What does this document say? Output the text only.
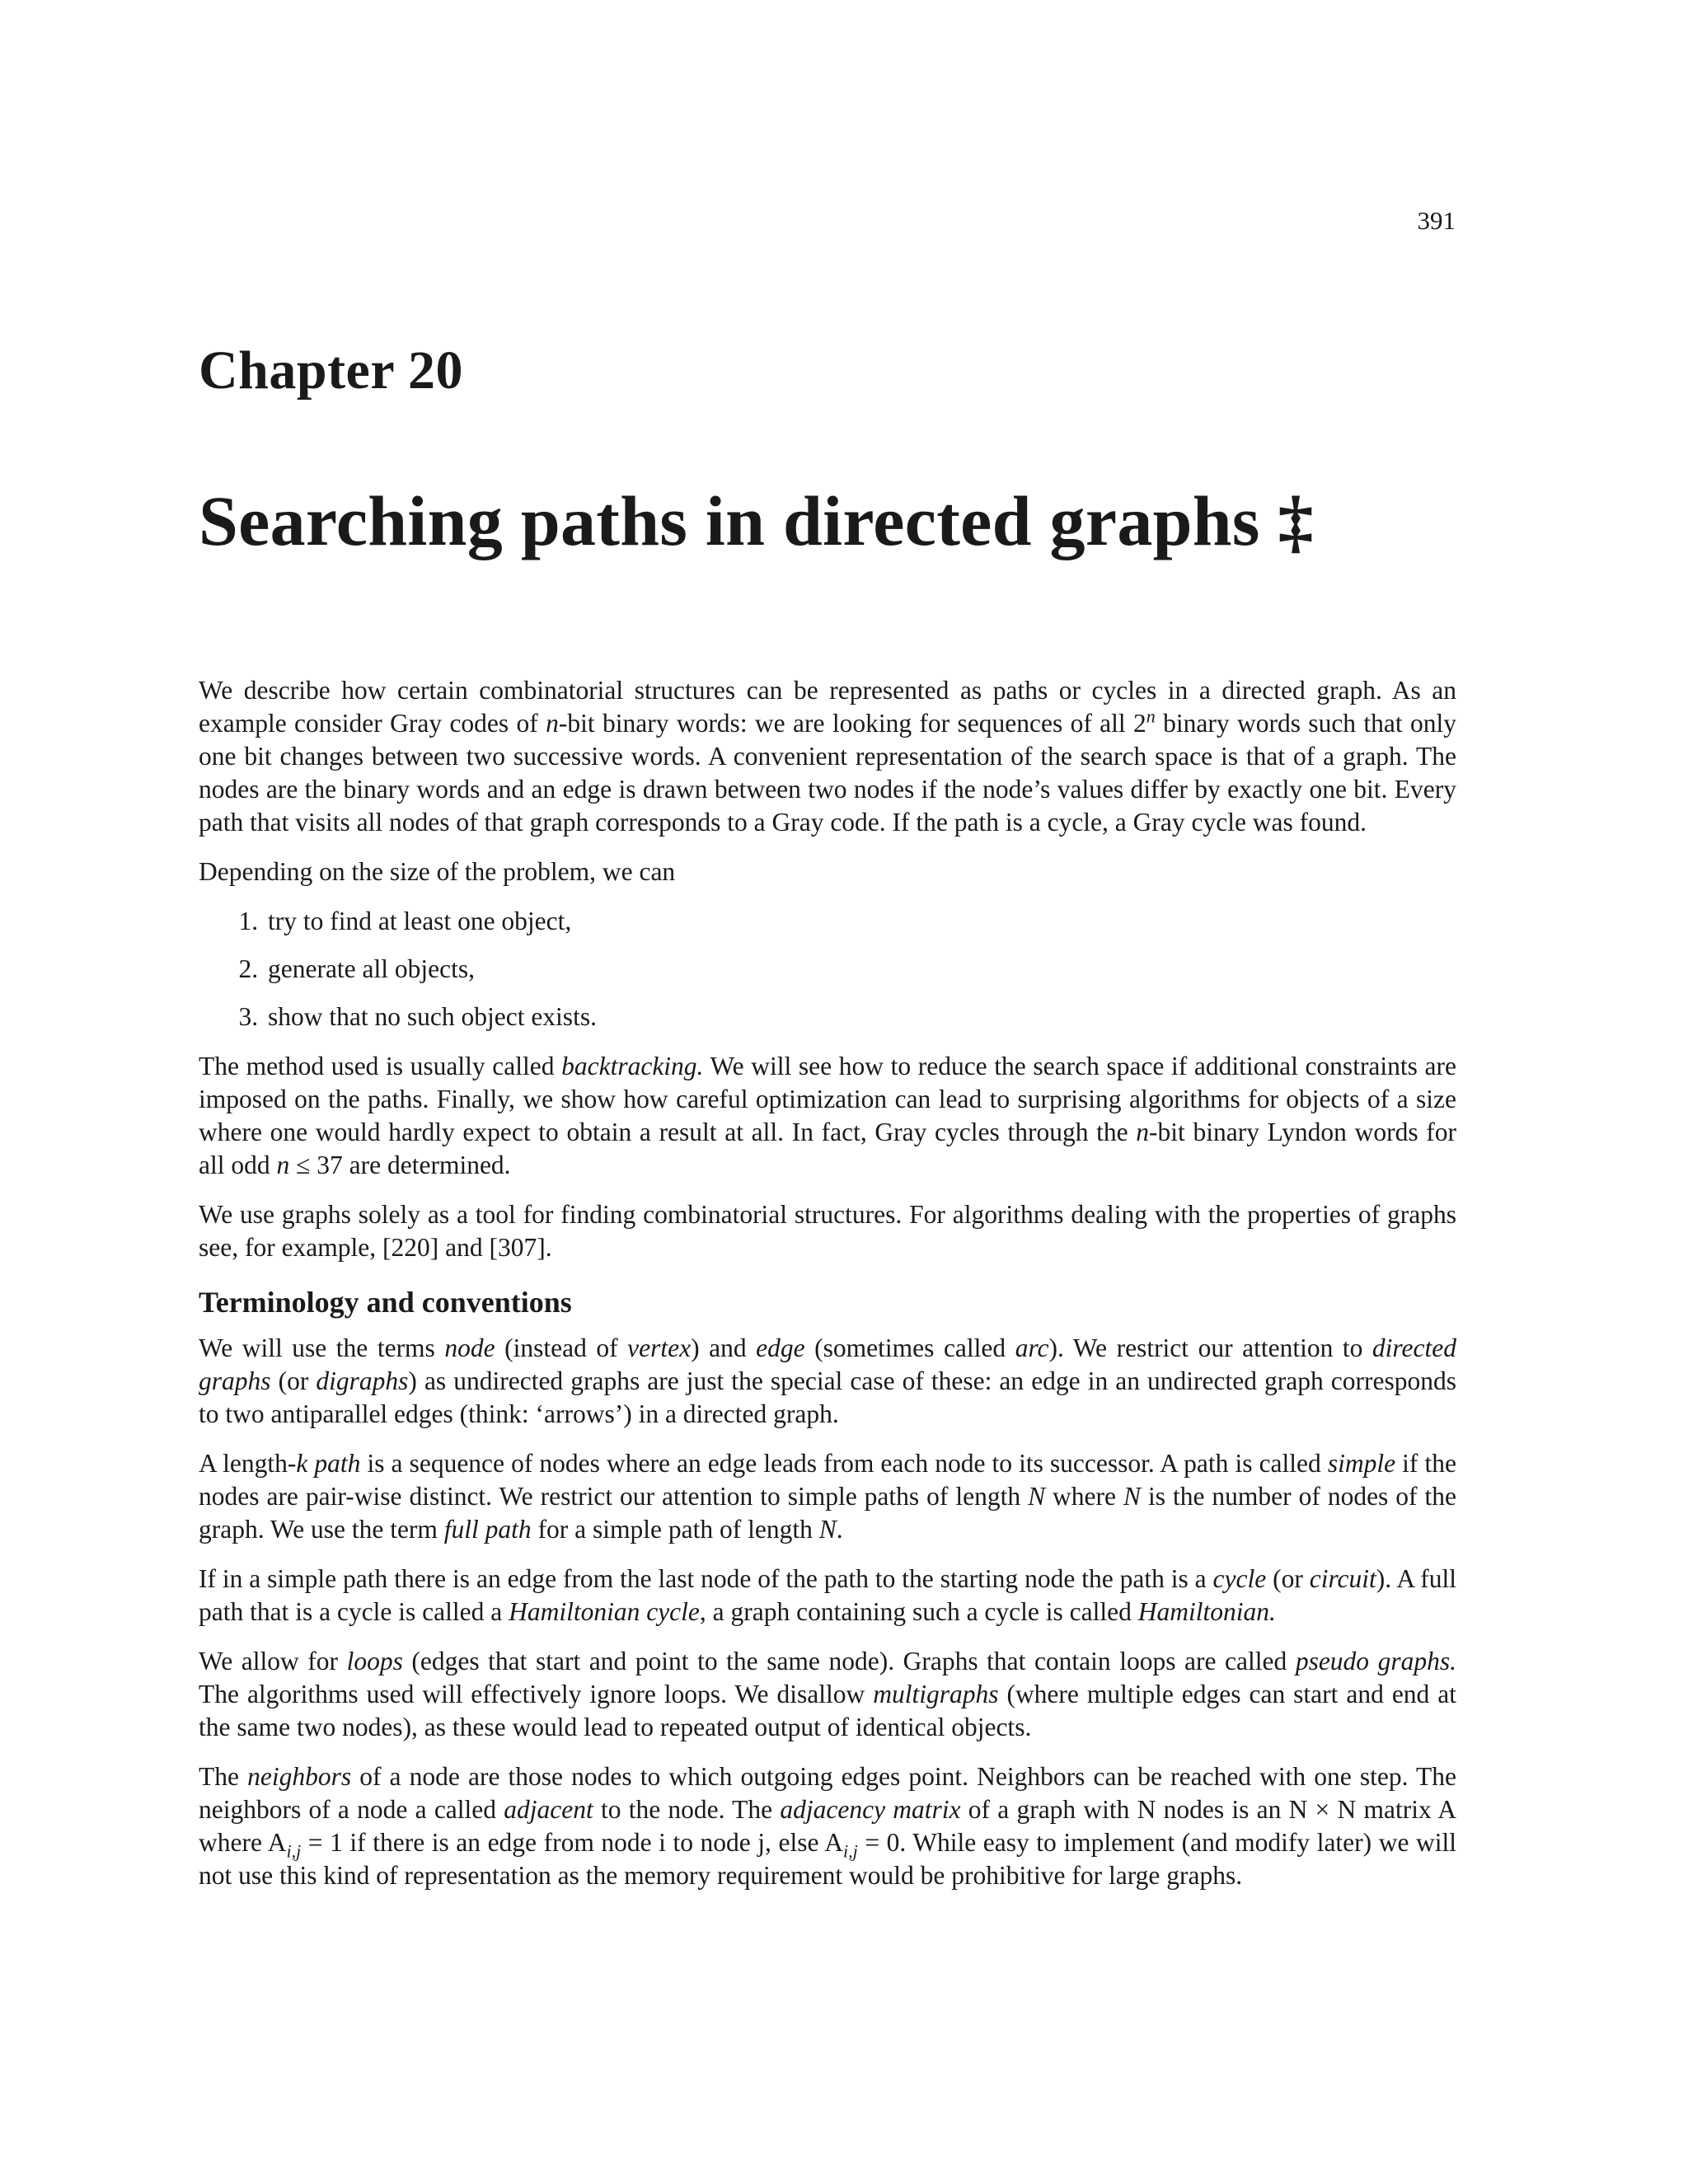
391
Chapter 20
Searching paths in directed graphs ‡

We describe how certain combinatorial structures can be represented as paths or cycles in a directed graph. As an example consider Gray codes of n-bit binary words: we are looking for sequences of all 2$^n$ binary words such that only one bit changes between two successive words. A convenient representation of the search space is that of a graph. The nodes are the binary words and an edge is drawn between two nodes if the node’s values differ by exactly one bit. Every path that visits all nodes of that graph corresponds to a Gray code. If the path is a cycle, a Gray cycle was found.

Depending on the size of the problem, we can

1. try to find at least one object,
2. generate all objects,
3. show that no such object exists.

The method used is usually called backtracking. We will see how to reduce the search space if additional constraints are imposed on the paths. Finally, we show how careful optimization can lead to surprising algorithms for objects of a size where one would hardly expect to obtain a result at all. In fact, Gray cycles through the n-bit binary Lyndon words for all odd n ≤ 37 are determined.

We use graphs solely as a tool for finding combinatorial structures. For algorithms dealing with the properties of graphs see, for example, [220] and [307].

Terminology and conventions

We will use the terms node (instead of vertex) and edge (sometimes called arc). We restrict our attention to directed graphs (or digraphs) as undirected graphs are just the special case of these: an edge in an undirected graph corresponds to two antiparallel edges (think: ‘arrows’) in a directed graph.

A length-k path is a sequence of nodes where an edge leads from each node to its successor. A path is called simple if the nodes are pair-wise distinct. We restrict our attention to simple paths of length N where N is the number of nodes of the graph. We use the term full path for a simple path of length N.

If in a simple path there is an edge from the last node of the path to the starting node the path is a cycle (or circuit). A full path that is a cycle is called a Hamiltonian cycle, a graph containing such a cycle is called Hamiltonian.

We allow for loops (edges that start and point to the same node). Graphs that contain loops are called pseudo graphs. The algorithms used will effectively ignore loops. We disallow multigraphs (where multiple edges can start and end at the same two nodes), as these would lead to repeated output of identical objects.

The neighbors of a node are those nodes to which outgoing edges point. Neighbors can be reached with one step. The neighbors of a node a called adjacent to the node. The adjacency matrix of a graph with N nodes is an N × N matrix A where $A_{i,j} = 1$ if there is an edge from node i to node j, else $A_{i,j} = 0$. While easy to implement (and modify later) we will not use this kind of representation as the memory requirement would be prohibitive for large graphs.
